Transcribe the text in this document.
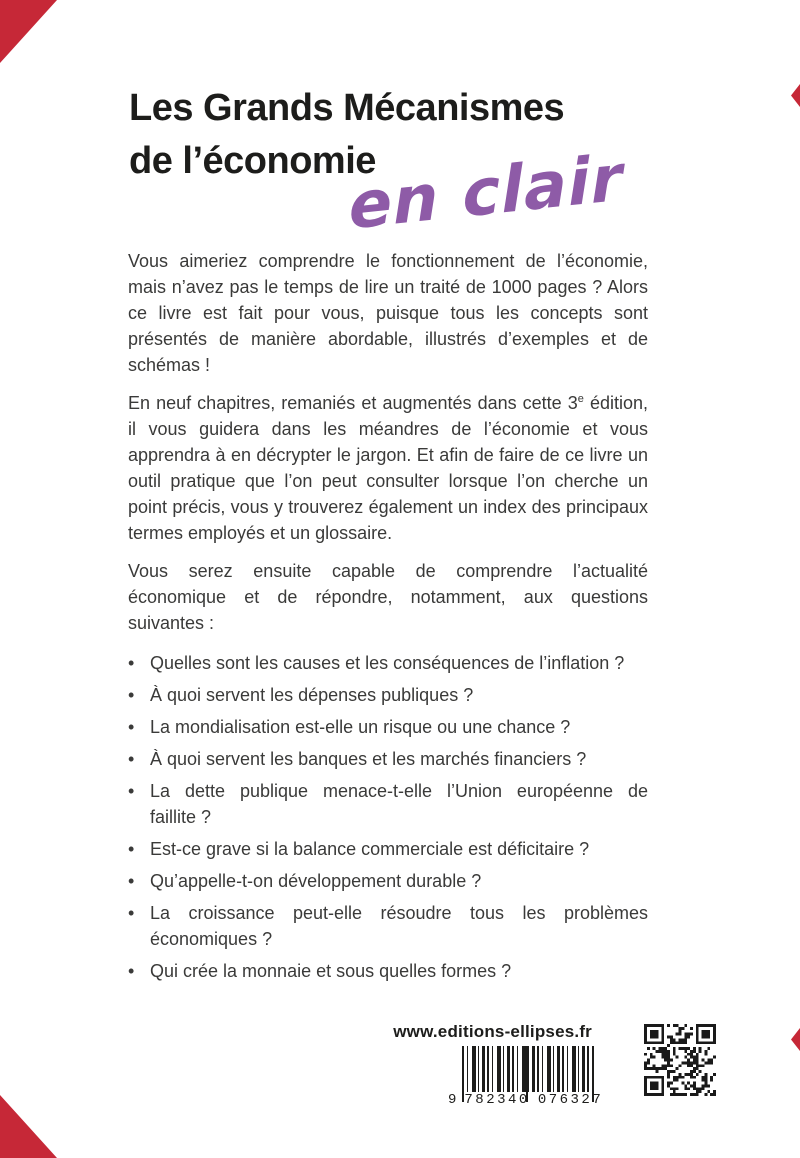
Les Grands Mécanismes
de l’économie
en clair

Vous aimeriez comprendre le fonctionnement de l’économie, mais n’avez pas le temps de lire un traité de 1000 pages ? Alors ce livre est fait pour vous, puisque tous les concepts sont présentés de manière abordable, illustrés d’exemples et de schémas !

En neuf chapitres, remaniés et augmentés dans cette 3e édition, il vous guidera dans les méandres de l’économie et vous apprendra à en décrypter le jargon. Et afin de faire de ce livre un outil pratique que l’on peut consulter lorsque l’on cherche un point précis, vous y trouverez également un index des principaux termes employés et un glossaire.

Vous serez ensuite capable de comprendre l’actualité économique et de répondre, notamment, aux questions suivantes :

• Quelles sont les causes et les conséquences de l’inflation ?
• À quoi servent les dépenses publiques ?
• La mondialisation est-elle un risque ou une chance ?
• À quoi servent les banques et les marchés financiers ?
• La dette publique menace-t-elle l’Union européenne de faillite ?
• Est-ce grave si la balance commerciale est déficitaire ?
• Qu’appelle-t-on développement durable ?
• La croissance peut-elle résoudre tous les problèmes économiques ?
• Qui crée la monnaie et sous quelles formes ?
www.editions-ellipses.fr
9 782340 076327
